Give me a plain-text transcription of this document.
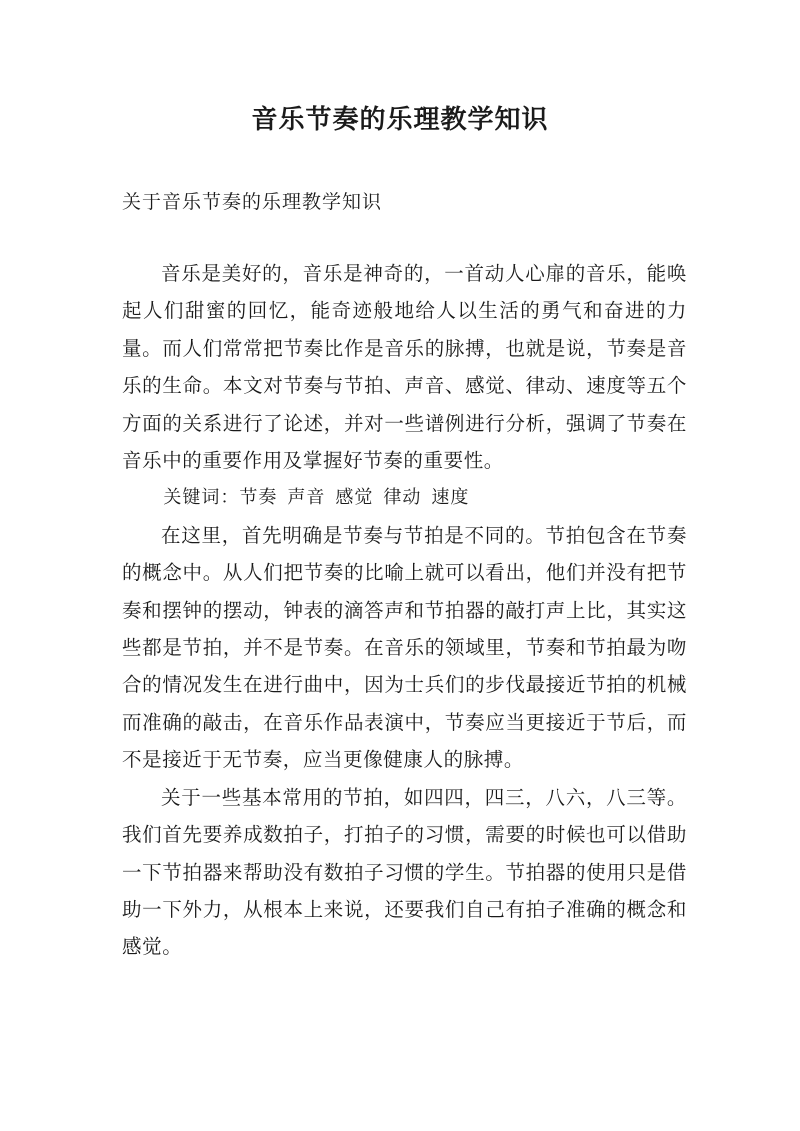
音乐节奏的乐理教学知识
关于音乐节奏的乐理教学知识

音乐是美好的，音乐是神奇的，一首动人心扉的音乐，能唤起人们甜蜜的回忆，能奇迹般地给人以生活的勇气和奋进的力量。而人们常常把节奏比作是音乐的脉搏，也就是说，节奏是音乐的生命。本文对节奏与节拍、声音、感觉、律动、速度等五个方面的关系进行了论述，并对一些谱例进行分析，强调了节奏在音乐中的重要作用及掌握好节奏的重要性。

关键词：节奏 声音 感觉 律动 速度

在这里，首先明确是节奏与节拍是不同的。节拍包含在节奏的概念中。从人们把节奏的比喻上就可以看出，他们并没有把节奏和摆钟的摆动，钟表的滴答声和节拍器的敲打声上比，其实这些都是节拍，并不是节奏。在音乐的领域里，节奏和节拍最为吻合的情况发生在进行曲中，因为士兵们的步伐最接近节拍的机械而准确的敲击，在音乐作品表演中，节奏应当更接近于节后，而不是接近于无节奏，应当更像健康人的脉搏。

关于一些基本常用的节拍，如四四，四三，八六，八三等。我们首先要养成数拍子，打拍子的习惯，需要的时候也可以借助一下节拍器来帮助没有数拍子习惯的学生。节拍器的使用只是借助一下外力，从根本上来说，还要我们自己有拍子准确的概念和感觉。
